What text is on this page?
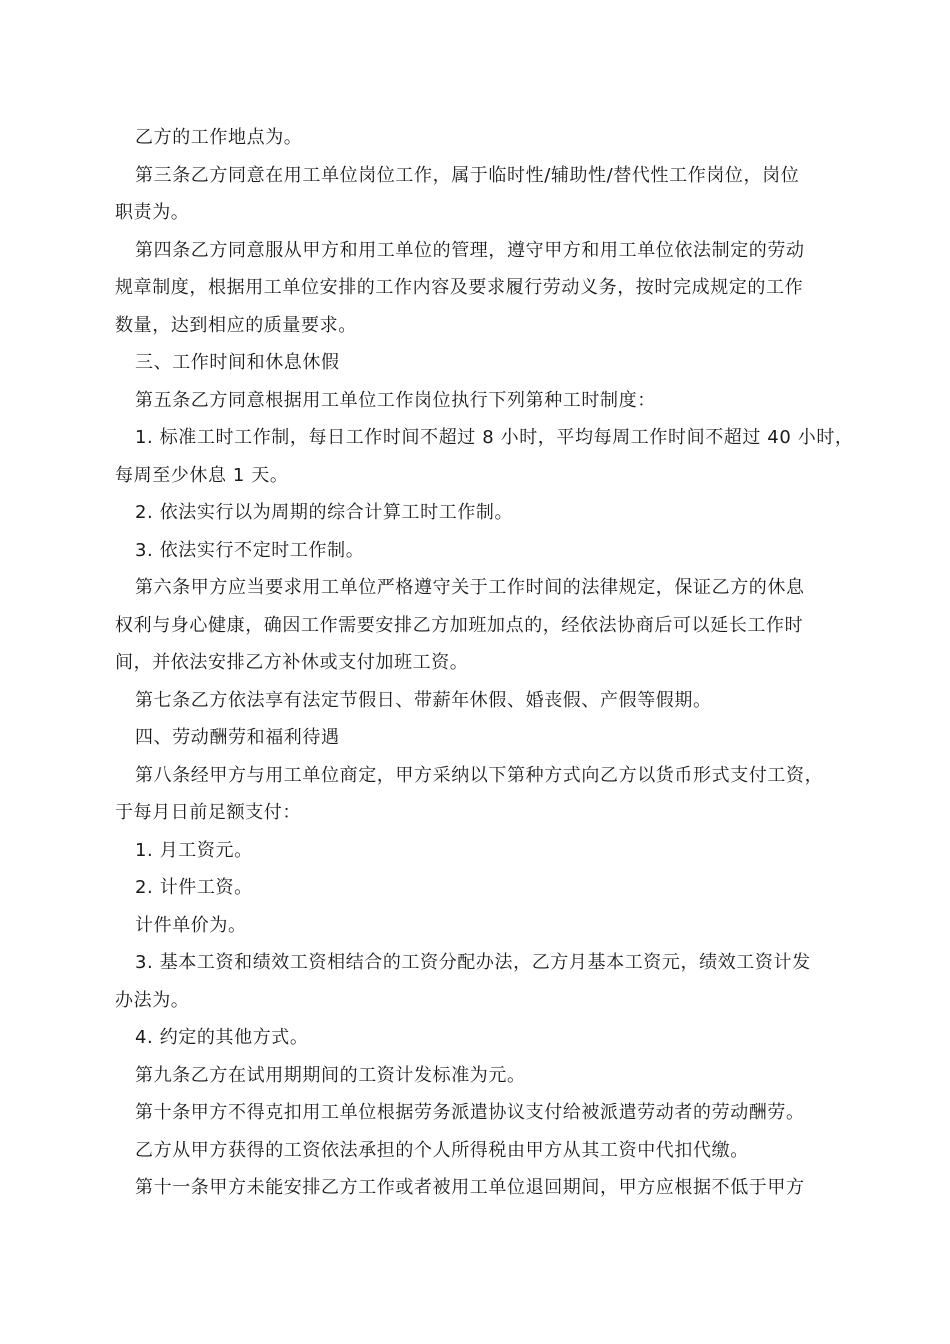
乙方的工作地点为。
第三条乙方同意在用工单位岗位工作，属于临时性/辅助性/替代性工作岗位，岗位
职责为。
第四条乙方同意服从甲方和用工单位的管理，遵守甲方和用工单位依法制定的劳动
规章制度，根据用工单位安排的工作内容及要求履行劳动义务，按时完成规定的工作
数量，达到相应的质量要求。
三、工作时间和休息休假
第五条乙方同意根据用工单位工作岗位执行下列第种工时制度：
1. 标准工时工作制，每日工作时间不超过 8 小时，平均每周工作时间不超过 40 小时，
每周至少休息 1 天。
2. 依法实行以为周期的综合计算工时工作制。
3. 依法实行不定时工作制。
第六条甲方应当要求用工单位严格遵守关于工作时间的法律规定，保证乙方的休息
权利与身心健康，确因工作需要安排乙方加班加点的，经依法协商后可以延长工作时
间，并依法安排乙方补休或支付加班工资。
第七条乙方依法享有法定节假日、带薪年休假、婚丧假、产假等假期。
四、劳动酬劳和福利待遇
第八条经甲方与用工单位商定，甲方采纳以下第种方式向乙方以货币形式支付工资，
于每月日前足额支付：
1. 月工资元。
2. 计件工资。
计件单价为。
3. 基本工资和绩效工资相结合的工资分配办法，乙方月基本工资元，绩效工资计发
办法为。
4. 约定的其他方式。
第九条乙方在试用期期间的工资计发标准为元。
第十条甲方不得克扣用工单位根据劳务派遣协议支付给被派遣劳动者的劳动酬劳。
乙方从甲方获得的工资依法承担的个人所得税由甲方从其工资中代扣代缴。
第十一条甲方未能安排乙方工作或者被用工单位退回期间，甲方应根据不低于甲方
